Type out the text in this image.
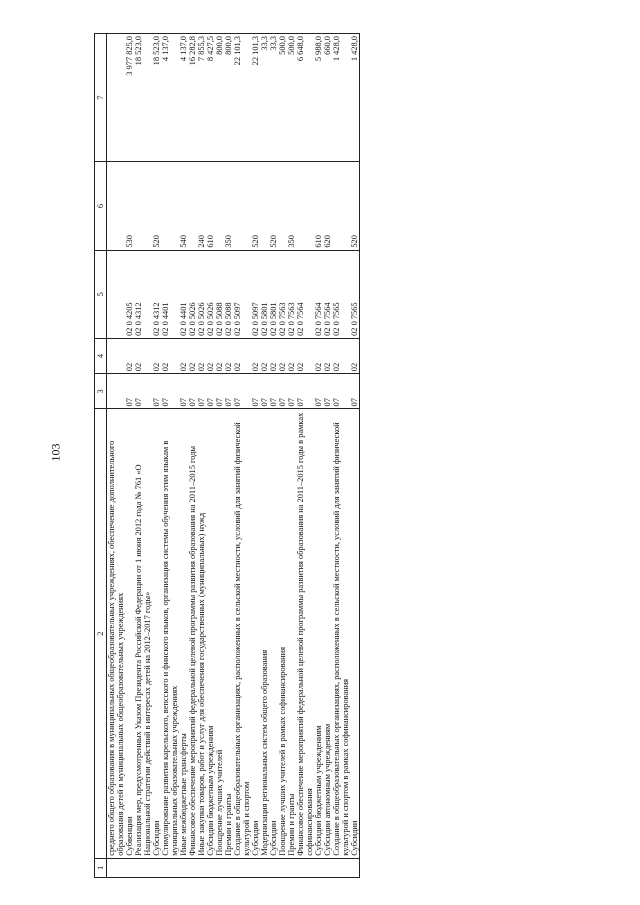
103
1	2	3	4	5	6	7
	среднего общего образования в муниципальных общеобразовательных учреждениях, обеспечение дополнительного образования детей в муниципальных общеобразовательных учреждениях					
	Субвенции	07	02	02 0 4205	530	3 977 825,0
	Реализация мер, предусмотренных Указом Президента Российской Федерации от 1 июня 2012 года № 761 «О Национальной стратегии действий в интересах детей на 2012–2017 годы»	07	02	02 0 4312		18 523,0
	Субсидии	07	02	02 0 4312	520	18 523,0
	Стимулирование развития карельского, вепсского и финского языков, организация системы обучения этим языкам в муниципальных образовательных учреждениях	07	02	02 0 4401		4 137,0
	Иные межбюджетные трансферты	07	02	02 0 4401	540	4 137,0
	Финансовое обеспечение мероприятий федеральной целевой программы развития образования на 2011–2015 годы	07	02	02 0 5026		16 282,8
	Иные закупки товаров, работ и услуг для обеспечения государственных (муниципальных) нужд	07	02	02 0 5026	240	7 855,3
	Субсидии бюджетным учреждениям	07	02	02 0 5026	610	8 427,5
	Поощрение лучших учителей	07	02	02 0 5088		800,0
	Премии и гранты	07	02	02 0 5088	350	800,0
	Создание в общеобразовательных организациях, расположенных в сельской местности, условий для занятий физической культурой и спортом	07	02	02 0 5097		22 101,3
	Субсидии	07	02	02 0 5097	520	22 101,3
	Модернизация региональных систем общего образования	07	02	02 0 5801		33,3
	Субсидии	07	02	02 0 5801	520	33,3
	Поощрение лучших учителей в рамках софинансирования	07	02	02 0 7563		500,0
	Премии и гранты	07	02	02 0 7563	350	500,0
	Финансовое обеспечение мероприятий федеральной целевой программы развития образования на 2011–2015 годы в рамках софинансирования	07	02	02 0 7564		6 648,0
	Субсидии бюджетным учреждениям	07	02	02 0 7564	610	5 988,0
	Субсидии автономным учреждениям	07	02	02 0 7564	620	660,0
	Создание в общеобразовательных организациях, расположенных в сельской местности, условий для занятий физической культурой и спортом в рамках софинансирования	07	02	02 0 7565		1 428,0
	Субсидии	07	02	02 0 7565	520	1 428,0
